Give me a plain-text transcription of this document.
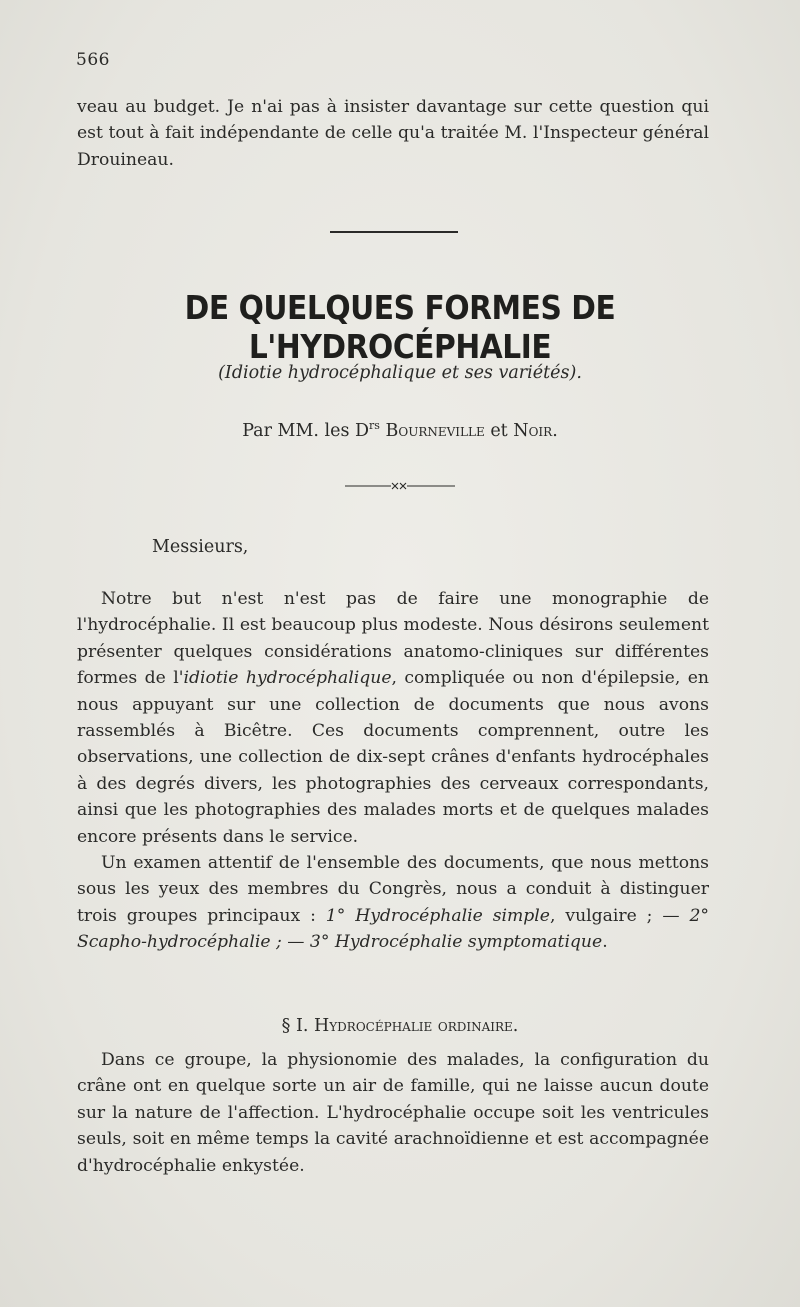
566

veau au budget. Je n'ai pas à insister davantage sur cette question qui est tout à fait indépendante de celle qu'a traitée M. l'Inspecteur général Drouineau.

DE QUELQUES FORMES DE L'HYDROCÉPHALIE
(Idiotie hydrocéphalique et ses variétés).
Par MM. les $D^{rs}$ Bourneville et Noir.
Messieurs,

Notre but n'est n'est pas de faire une monographie de l'hydrocéphalie. Il est beaucoup plus modeste. Nous désirons seulement présenter quelques considérations anatomo-cliniques sur différentes formes de l'idiotie hydrocéphalique, compliquée ou non d'épilepsie, en nous appuyant sur une collection de documents que nous avons rassemblés à Bicêtre. Ces documents comprennent, outre les observations, une collection de dix-sept crânes d'enfants hydrocéphales à des degrés divers, les photographies des cerveaux correspondants, ainsi que les photographies des malades morts et de quelques malades encore présents dans le service.

Un examen attentif de l'ensemble des documents, que nous mettons sous les yeux des membres du Congrès, nous a conduit à distinguer trois groupes principaux : 1° Hydrocéphalie simple, vulgaire ; — 2° Scapho-hydrocéphalie ; — 3° Hydrocéphalie symptomatique.

§ I. Hydrocéphalie ordinaire.

Dans ce groupe, la physionomie des malades, la configuration du crâne ont en quelque sorte un air de famille, qui ne laisse aucun doute sur la nature de l'affection. L'hydrocéphalie occupe soit les ventricules seuls, soit en même temps la cavité arachnoïdienne et est accompagnée d'hydrocéphalie enkystée.
